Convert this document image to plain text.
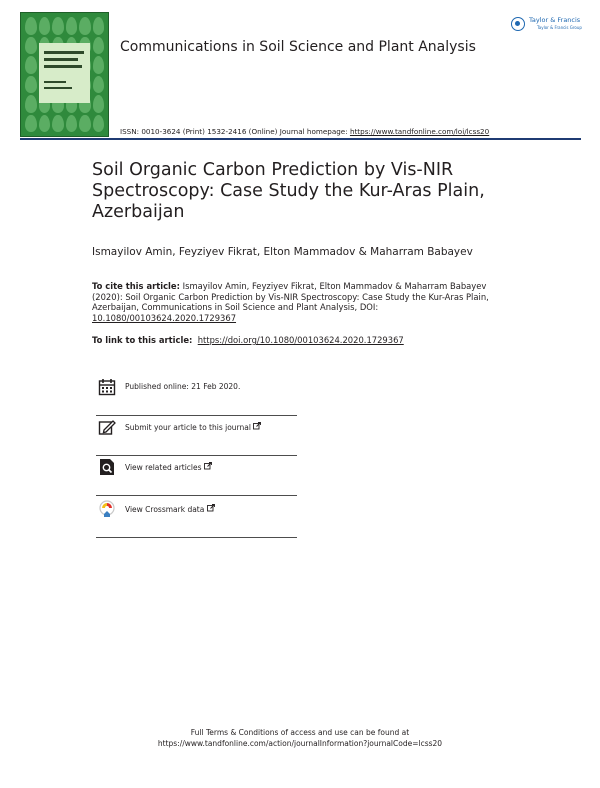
Communications in Soil Science and Plant Analysis
Taylor & Francis
Taylor & Francis Group
ISSN: 0010-3624 (Print) 1532-2416 (Online) Journal homepage: https://www.tandfonline.com/loi/lcss20
Soil Organic Carbon Prediction by Vis-NIR Spectroscopy: Case Study the Kur-Aras Plain, Azerbaijan
Ismayilov Amin, Feyziyev Fikrat, Elton Mammadov & Maharram Babayev
To cite this article: Ismayilov Amin, Feyziyev Fikrat, Elton Mammadov & Maharram Babayev (2020): Soil Organic Carbon Prediction by Vis-NIR Spectroscopy: Case Study the Kur-Aras Plain, Azerbaijan, Communications in Soil Science and Plant Analysis, DOI: 10.1080/00103624.2020.1729367
To link to this article: https://doi.org/10.1080/00103624.2020.1729367
Published online: 21 Feb 2020.
Submit your article to this journal
View related articles
View Crossmark data
Full Terms & Conditions of access and use can be found at
https://www.tandfonline.com/action/journalInformation?journalCode=lcss20
